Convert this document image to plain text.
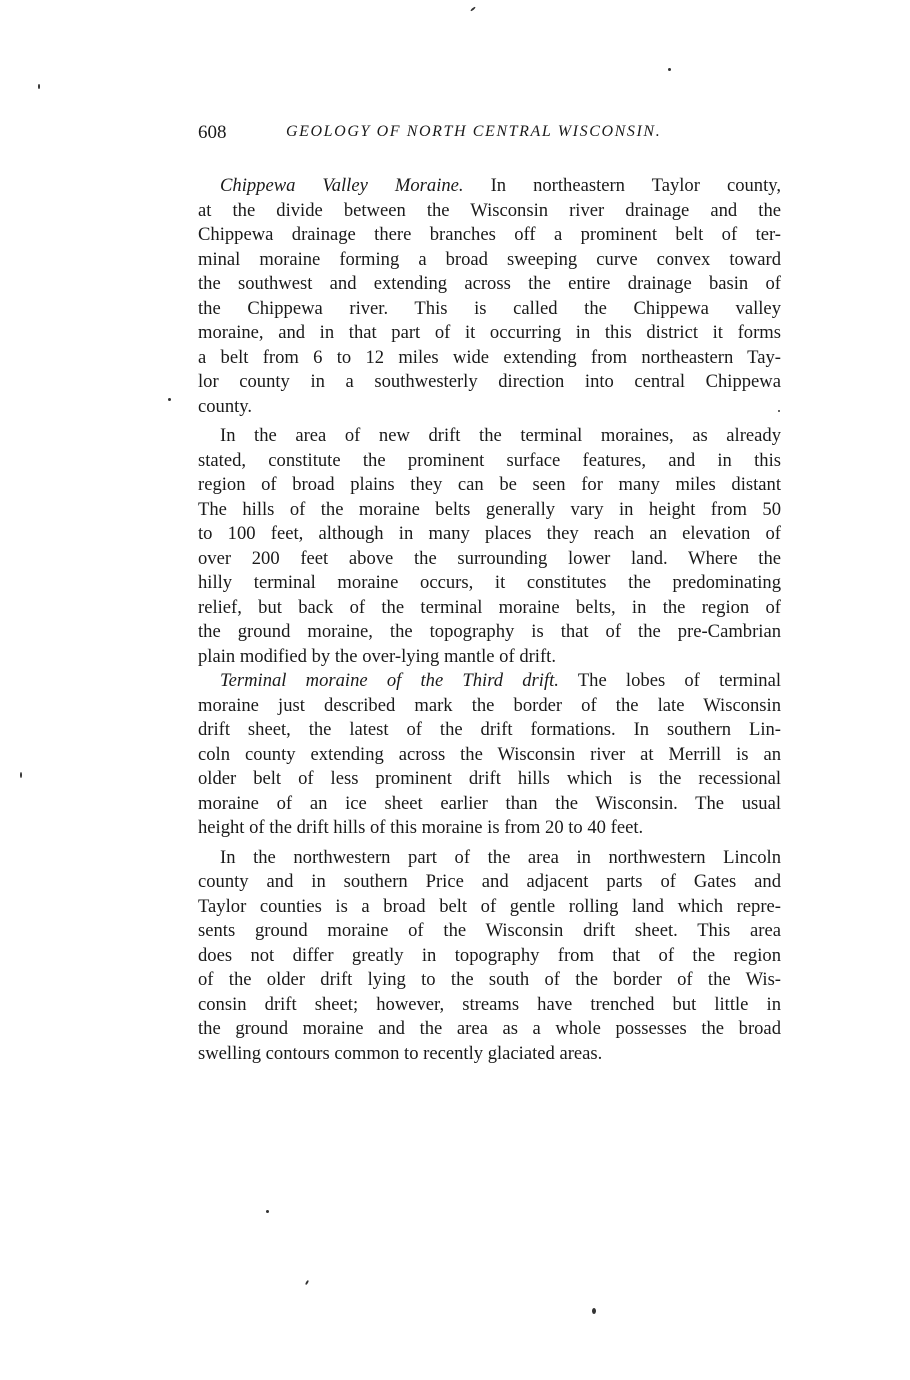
608	GEOLOGY OF NORTH CENTRAL WISCONSIN.
Chippewa Valley Moraine. In northeastern Taylor county,
at the divide between the Wisconsin river drainage and the
Chippewa drainage there branches off a prominent belt of ter-
minal moraine forming a broad sweeping curve convex toward
the southwest and extending across the entire drainage basin of
the Chippewa river. This is called the Chippewa valley
moraine, and in that part of it occurring in this district it forms
a belt from 6 to 12 miles wide extending from northeastern Tay-
lor county in a southwesterly direction into central Chippewa
county.
In the area of new drift the terminal moraines, as already
stated, constitute the prominent surface features, and in this
region of broad plains they can be seen for many miles distant
The hills of the moraine belts generally vary in height from 50
to 100 feet, although in many places they reach an elevation of
over 200 feet above the surrounding lower land. Where the
hilly terminal moraine occurs, it constitutes the predominating
relief, but back of the terminal moraine belts, in the region of
the ground moraine, the topography is that of the pre-Cambrian
plain modified by the over-lying mantle of drift.
Terminal moraine of the Third drift. The lobes of terminal
moraine just described mark the border of the late Wisconsin
drift sheet, the latest of the drift formations. In southern Lin-
coln county extending across the Wisconsin river at Merrill is an
older belt of less prominent drift hills which is the recessional
moraine of an ice sheet earlier than the Wisconsin. The usual
height of the drift hills of this moraine is from 20 to 40 feet.
In the northwestern part of the area in northwestern Lincoln
county and in southern Price and adjacent parts of Gates and
Taylor counties is a broad belt of gentle rolling land which repre-
sents ground moraine of the Wisconsin drift sheet. This area
does not differ greatly in topography from that of the region
of the older drift lying to the south of the border of the Wis-
consin drift sheet; however, streams have trenched but little in
the ground moraine and the area as a whole possesses the broad
swelling contours common to recently glaciated areas.
